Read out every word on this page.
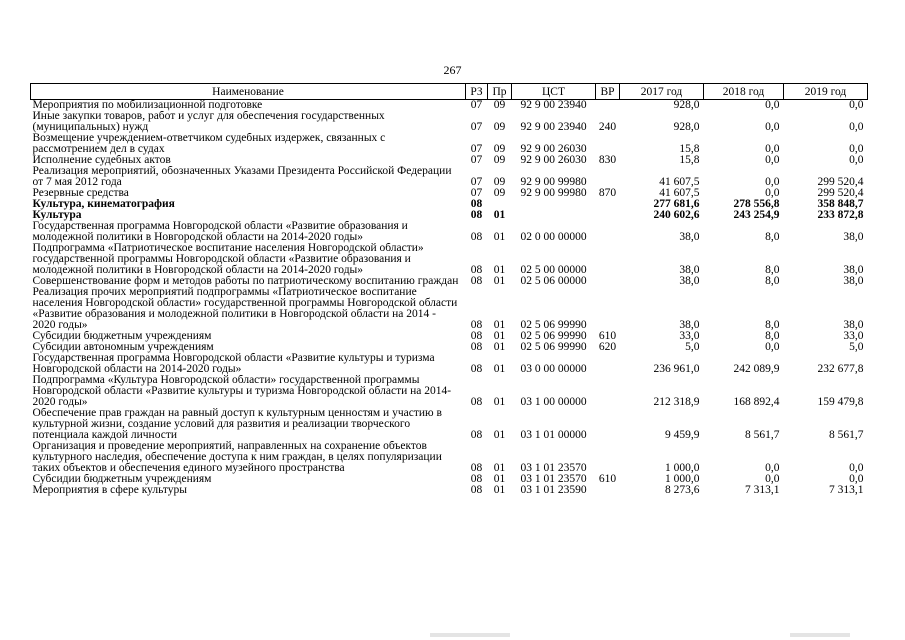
267
Наименование	РЗ	Пр	ЦСТ	ВР	2017 год	2018 год	2019 год
Мероприятия по мобилизационной подготовке	07	09	92 9 00 23940		928,0	0,0	0,0
Иные закупки товаров, работ и услуг для обеспечения государственных (муниципальных) нужд	07	09	92 9 00 23940	240	928,0	0,0	0,0
Возмещение учреждением-ответчиком судебных издержек, связанных с рассмотрением дел в судах	07	09	92 9 00 26030		15,8	0,0	0,0
Исполнение судебных актов	07	09	92 9 00 26030	830	15,8	0,0	0,0
Реализация мероприятий, обозначенных Указами Президента Российской Федерации от 7 мая 2012 года	07	09	92 9 00 99980		41 607,5	0,0	299 520,4
Резервные средства	07	09	92 9 00 99980	870	41 607,5	0,0	299 520,4
Культура, кинематография	08				277 681,6	278 556,8	358 848,7
Культура	08	01			240 602,6	243 254,9	233 872,8
Государственная программа Новгородской области «Развитие образования и молодежной политики в Новгородской области на 2014-2020 годы»	08	01	02 0 00 00000		38,0	8,0	38,0
Подпрограмма «Патриотическое воспитание населения Новгородской области» государственной программы Новгородской области «Развитие образования и молодежной политики в Новгородской области на 2014-2020 годы»	08	01	02 5 00 00000		38,0	8,0	38,0
Совершенствование форм и методов работы по патриотическому воспитанию граждан	08	01	02 5 06 00000		38,0	8,0	38,0
Реализация прочих мероприятий подпрограммы «Патриотическое воспитание населения Новгородской области» государственной программы Новгородской области «Развитие образования и молодежной политики в Новгородской области на 2014 - 2020 годы»	08	01	02 5 06 99990		38,0	8,0	38,0
Субсидии бюджетным учреждениям	08	01	02 5 06 99990	610	33,0	8,0	33,0
Субсидии автономным учреждениям	08	01	02 5 06 99990	620	5,0	0,0	5,0
Государственная программа Новгородской области «Развитие культуры и туризма Новгородской области на 2014-2020 годы»	08	01	03 0 00 00000		236 961,0	242 089,9	232 677,8
Подпрограмма «Культура Новгородской области» государственной программы Новгородской области «Развитие культуры и туризма Новгородской области на 2014-2020 годы»	08	01	03 1 00 00000		212 318,9	168 892,4	159 479,8
Обеспечение прав граждан на равный доступ к культурным ценностям и участию в культурной жизни, создание условий для развития и реализации творческого потенциала каждой личности	08	01	03 1 01 00000		9 459,9	8 561,7	8 561,7
Организация и проведение мероприятий, направленных на сохранение объектов культурного наследия, обеспечение доступа к ним граждан, в целях популяризации таких объектов и обеспечения единого музейного пространства	08	01	03 1 01 23570		1 000,0	0,0	0,0
Субсидии бюджетным учреждениям	08	01	03 1 01 23570	610	1 000,0	0,0	0,0
Мероприятия в сфере культуры	08	01	03 1 01 23590		8 273,6	7 313,1	7 313,1
